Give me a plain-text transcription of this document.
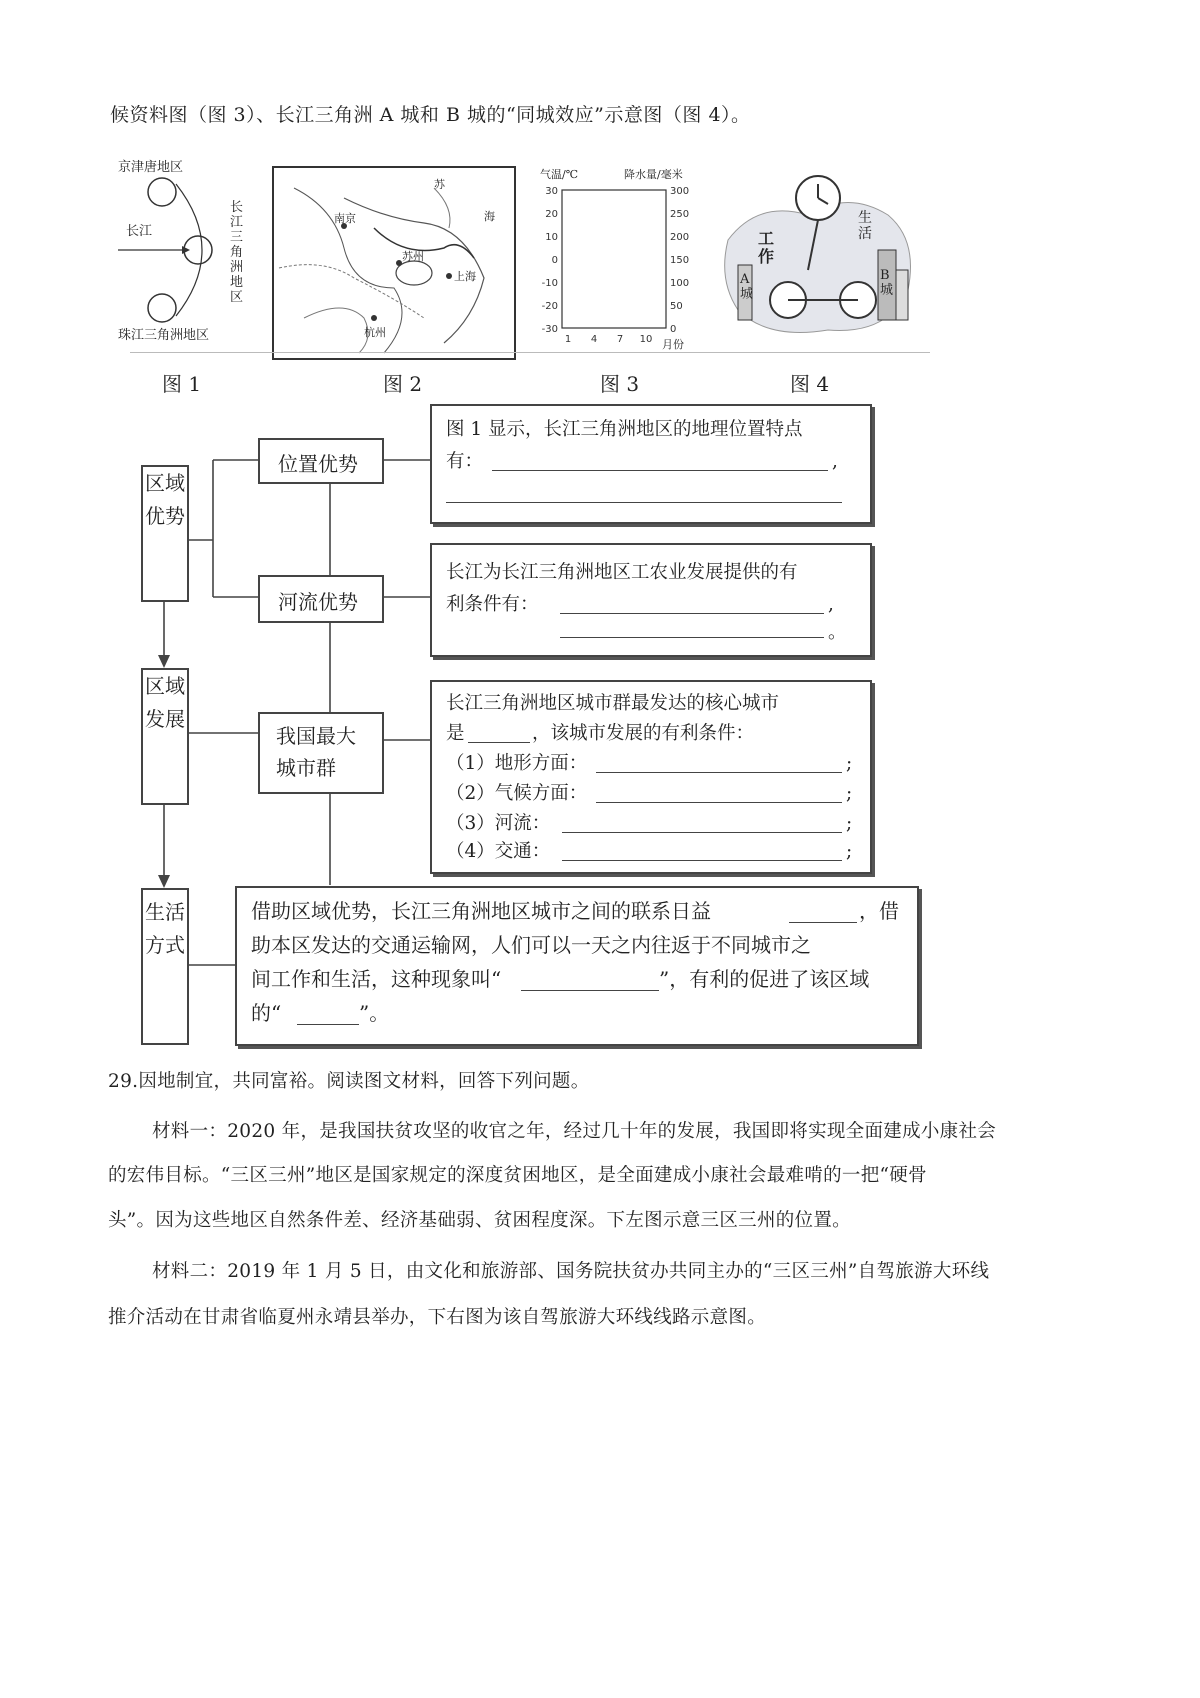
候资料图（图 3）、长江三角洲 A 城和 B 城的“同城效应”示意图（图 4）。
京津唐地区
长江
珠江三角洲地区
长江三角洲地区
南京
苏州
上海
杭州
海
苏
气温/℃	降水量/毫米
30
20
10
0
-10
-20
-30
300
250
200
150
100
50
0
1 4 7 10 月份
工作
生活
A城
B城
图 1	图 2	图 3	图 4
区域优势
区域发展
生活方式
位置优势
河流优势
我国最大城市群
图 1 显示，长江三角洲地区的地理位置特点
有：	,
长江为长江三角洲地区工农业发展提供的有
利条件有：	,
。
长江三角洲地区城市群最发达的核心城市
是	，该城市发展的有利条件：
（1）地形方面：	;
（2）气候方面：	;
（3）河流：	;
（4）交通：	;
借助区域优势，长江三角洲地区城市之间的联系日益	，借
助本区发达的交通运输网，人们可以一天之内往返于不同城市之
间工作和生活，这种现象叫“	”，有利的促进了该区域
的“	”。
29.因地制宜，共同富裕。阅读图文材料，回答下列问题。
材料一：2020 年，是我国扶贫攻坚的收官之年，经过几十年的发展，我国即将实现全面建成小康社会
的宏伟目标。“三区三州”地区是国家规定的深度贫困地区，是全面建成小康社会最难啃的一把“硬骨
头”。因为这些地区自然条件差、经济基础弱、贫困程度深。下左图示意三区三州的位置。
材料二：2019 年 1 月 5 日，由文化和旅游部、国务院扶贫办共同主办的“三区三州”自驾旅游大环线
推介活动在甘肃省临夏州永靖县举办，下右图为该自驾旅游大环线线路示意图。
